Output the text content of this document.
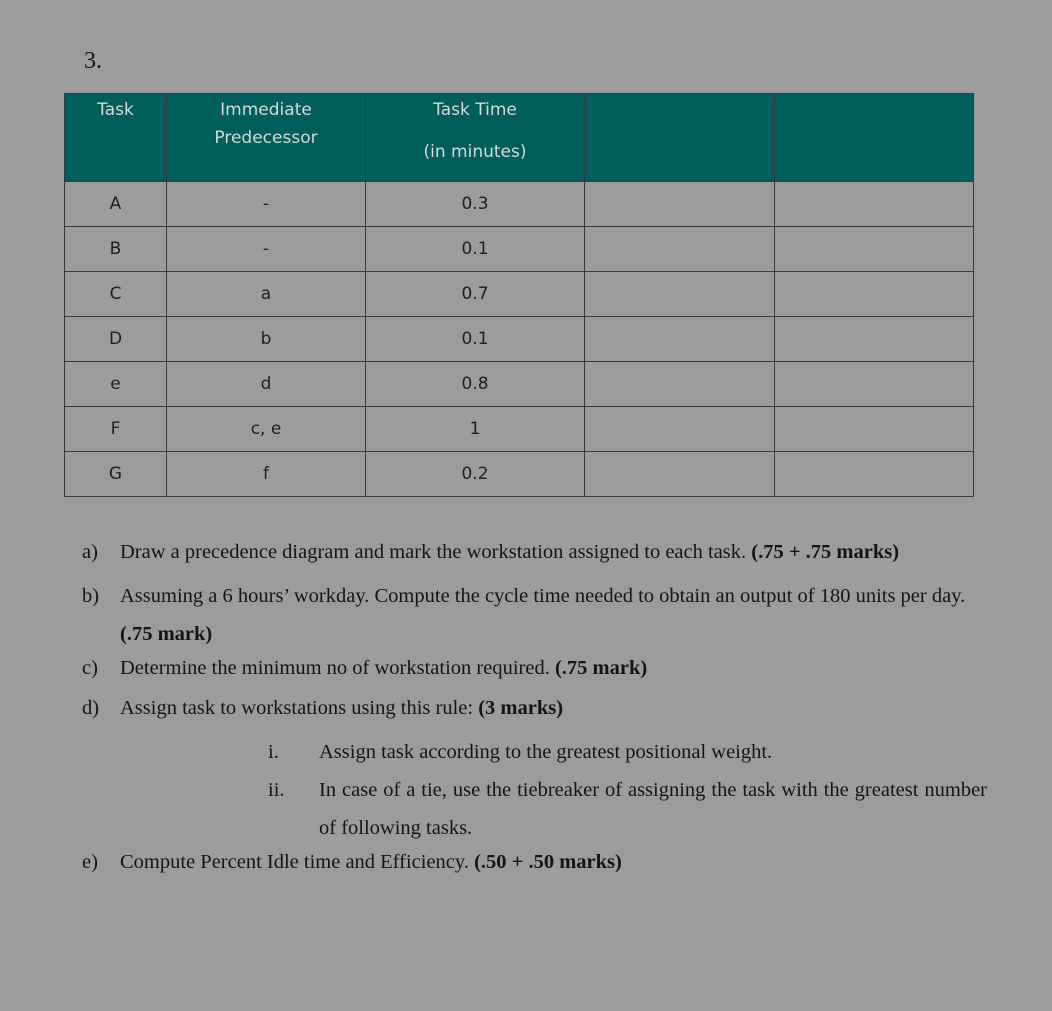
3.
Task	Immediate Predecessor	Task Time
(in minutes)		

A	-	0.3		
B	-	0.1		
C	a	0.7		
D	b	0.1		
e	d	0.8		
F	c, e	1		
G	f	0.2		
a) Draw a precedence diagram and mark the workstation assigned to each task. (.75 + .75 marks)
b) Assuming a 6 hours’ workday. Compute the cycle time needed to obtain an output of 180 units per day. (.75 mark)
c) Determine the minimum no of workstation required. (.75 mark)
d) Assign task to workstations using this rule: (3 marks)
i. Assign task according to the greatest positional weight.
ii. In case of a tie, use the tiebreaker of assigning the task with the greatest number of following tasks.
e) Compute Percent Idle time and Efficiency. (.50 + .50 marks)
